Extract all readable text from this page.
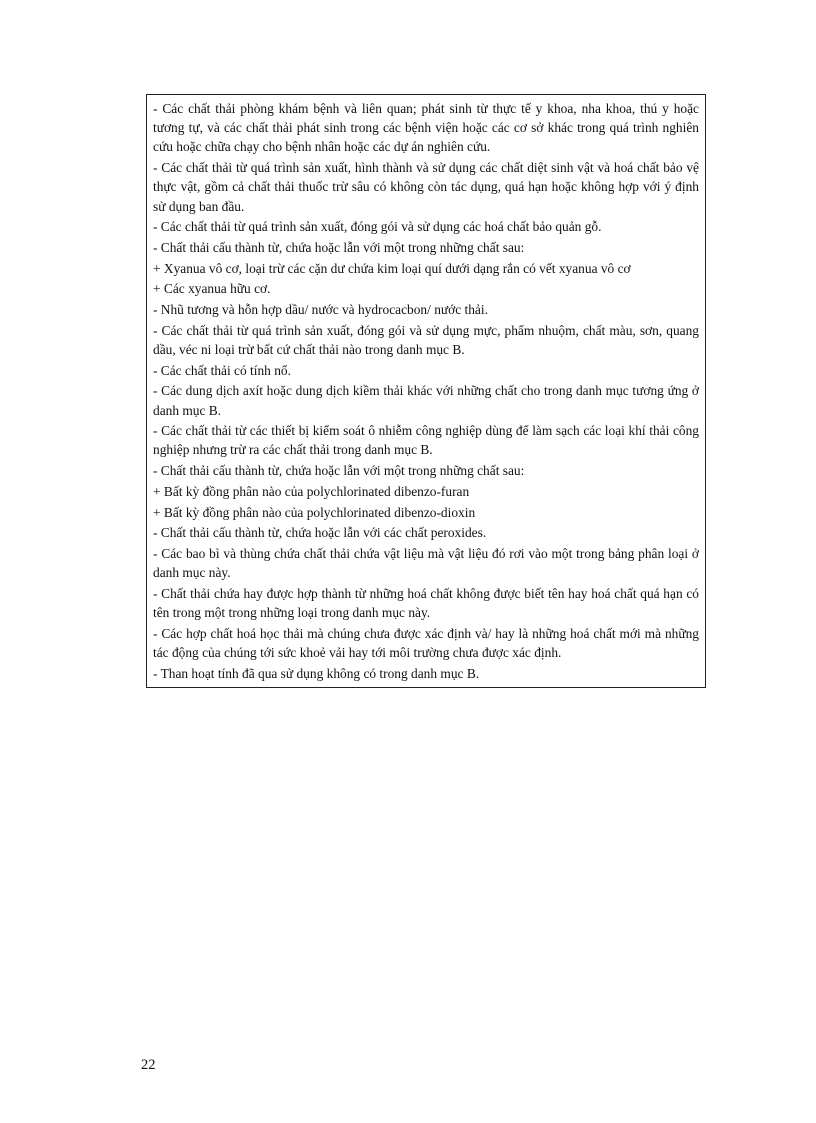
- Các chất thải phòng khám bệnh và liên quan; phát sinh từ thực tế y khoa, nha khoa, thú y hoặc tương tự, và các chất thải phát sinh trong các bệnh viện hoặc các cơ sở khác trong quá trình nghiên cứu hoặc chữa chạy cho bệnh nhân hoặc các dự án nghiên cứu.

- Các chất thải từ quá trình sản xuất, hình thành và sử dụng các chất diệt sinh vật và hoá chất bảo vệ thực vật, gồm cả chất thải thuốc trừ sâu có không còn tác dụng, quá hạn hoặc không hợp với ý định sử dụng ban đầu.

- Các chất thải từ quá trình sản xuất, đóng gói và sử dụng các hoá chất bảo quản gỗ.

- Chất thải cấu thành từ, chứa hoặc lẫn với một trong những chất sau:

+ Xyanua vô cơ, loại trừ các cặn dư chứa kim loại quí dưới dạng rắn có vết xyanua vô cơ

+ Các xyanua hữu cơ.

- Nhũ tương và hỗn hợp dầu/ nước và hydrocacbon/ nước thải.

- Các chất thải từ quá trình sản xuất, đóng gói và sử dụng mực, phẩm nhuộm, chất màu, sơn, quang dầu, véc ni loại trừ bất cứ chất thải nào trong danh mục B.

- Các chất thải có tính nổ.

- Các dung dịch axít hoặc dung dịch kiềm thải khác với những chất cho trong danh mục tương ứng ở danh mục B.

- Các chất thải từ các thiết bị kiểm soát ô nhiễm công nghiệp dùng để làm sạch các loại khí thải công nghiệp nhưng trừ ra các chất thải trong danh mục B.

- Chất thải cấu thành từ, chứa hoặc lẫn với một trong những chất sau:

+ Bất kỳ đồng phân nào của polychlorinated dibenzo-furan

+ Bất kỳ đồng phân nào của polychlorinated dibenzo-dioxin

- Chất thải cấu thành từ, chứa hoặc lẫn với các chất peroxides.

- Các bao bì và thùng chứa chất thải chứa vật liệu mà vật liệu đó rơi vào một trong bảng phân loại ở danh mục này.

- Chất thải chứa hay được hợp thành từ những hoá chất không được biết tên hay hoá chất quá hạn có tên trong một trong những loại trong danh mục này.

- Các hợp chất hoá học thải mà chúng chưa được xác định và/ hay là những hoá chất mới mà những tác động của chúng tới sức khoẻ vải hay tới môi trường chưa được xác định.

- Than hoạt tính đã qua sử dụng không có trong danh mục B.

22
